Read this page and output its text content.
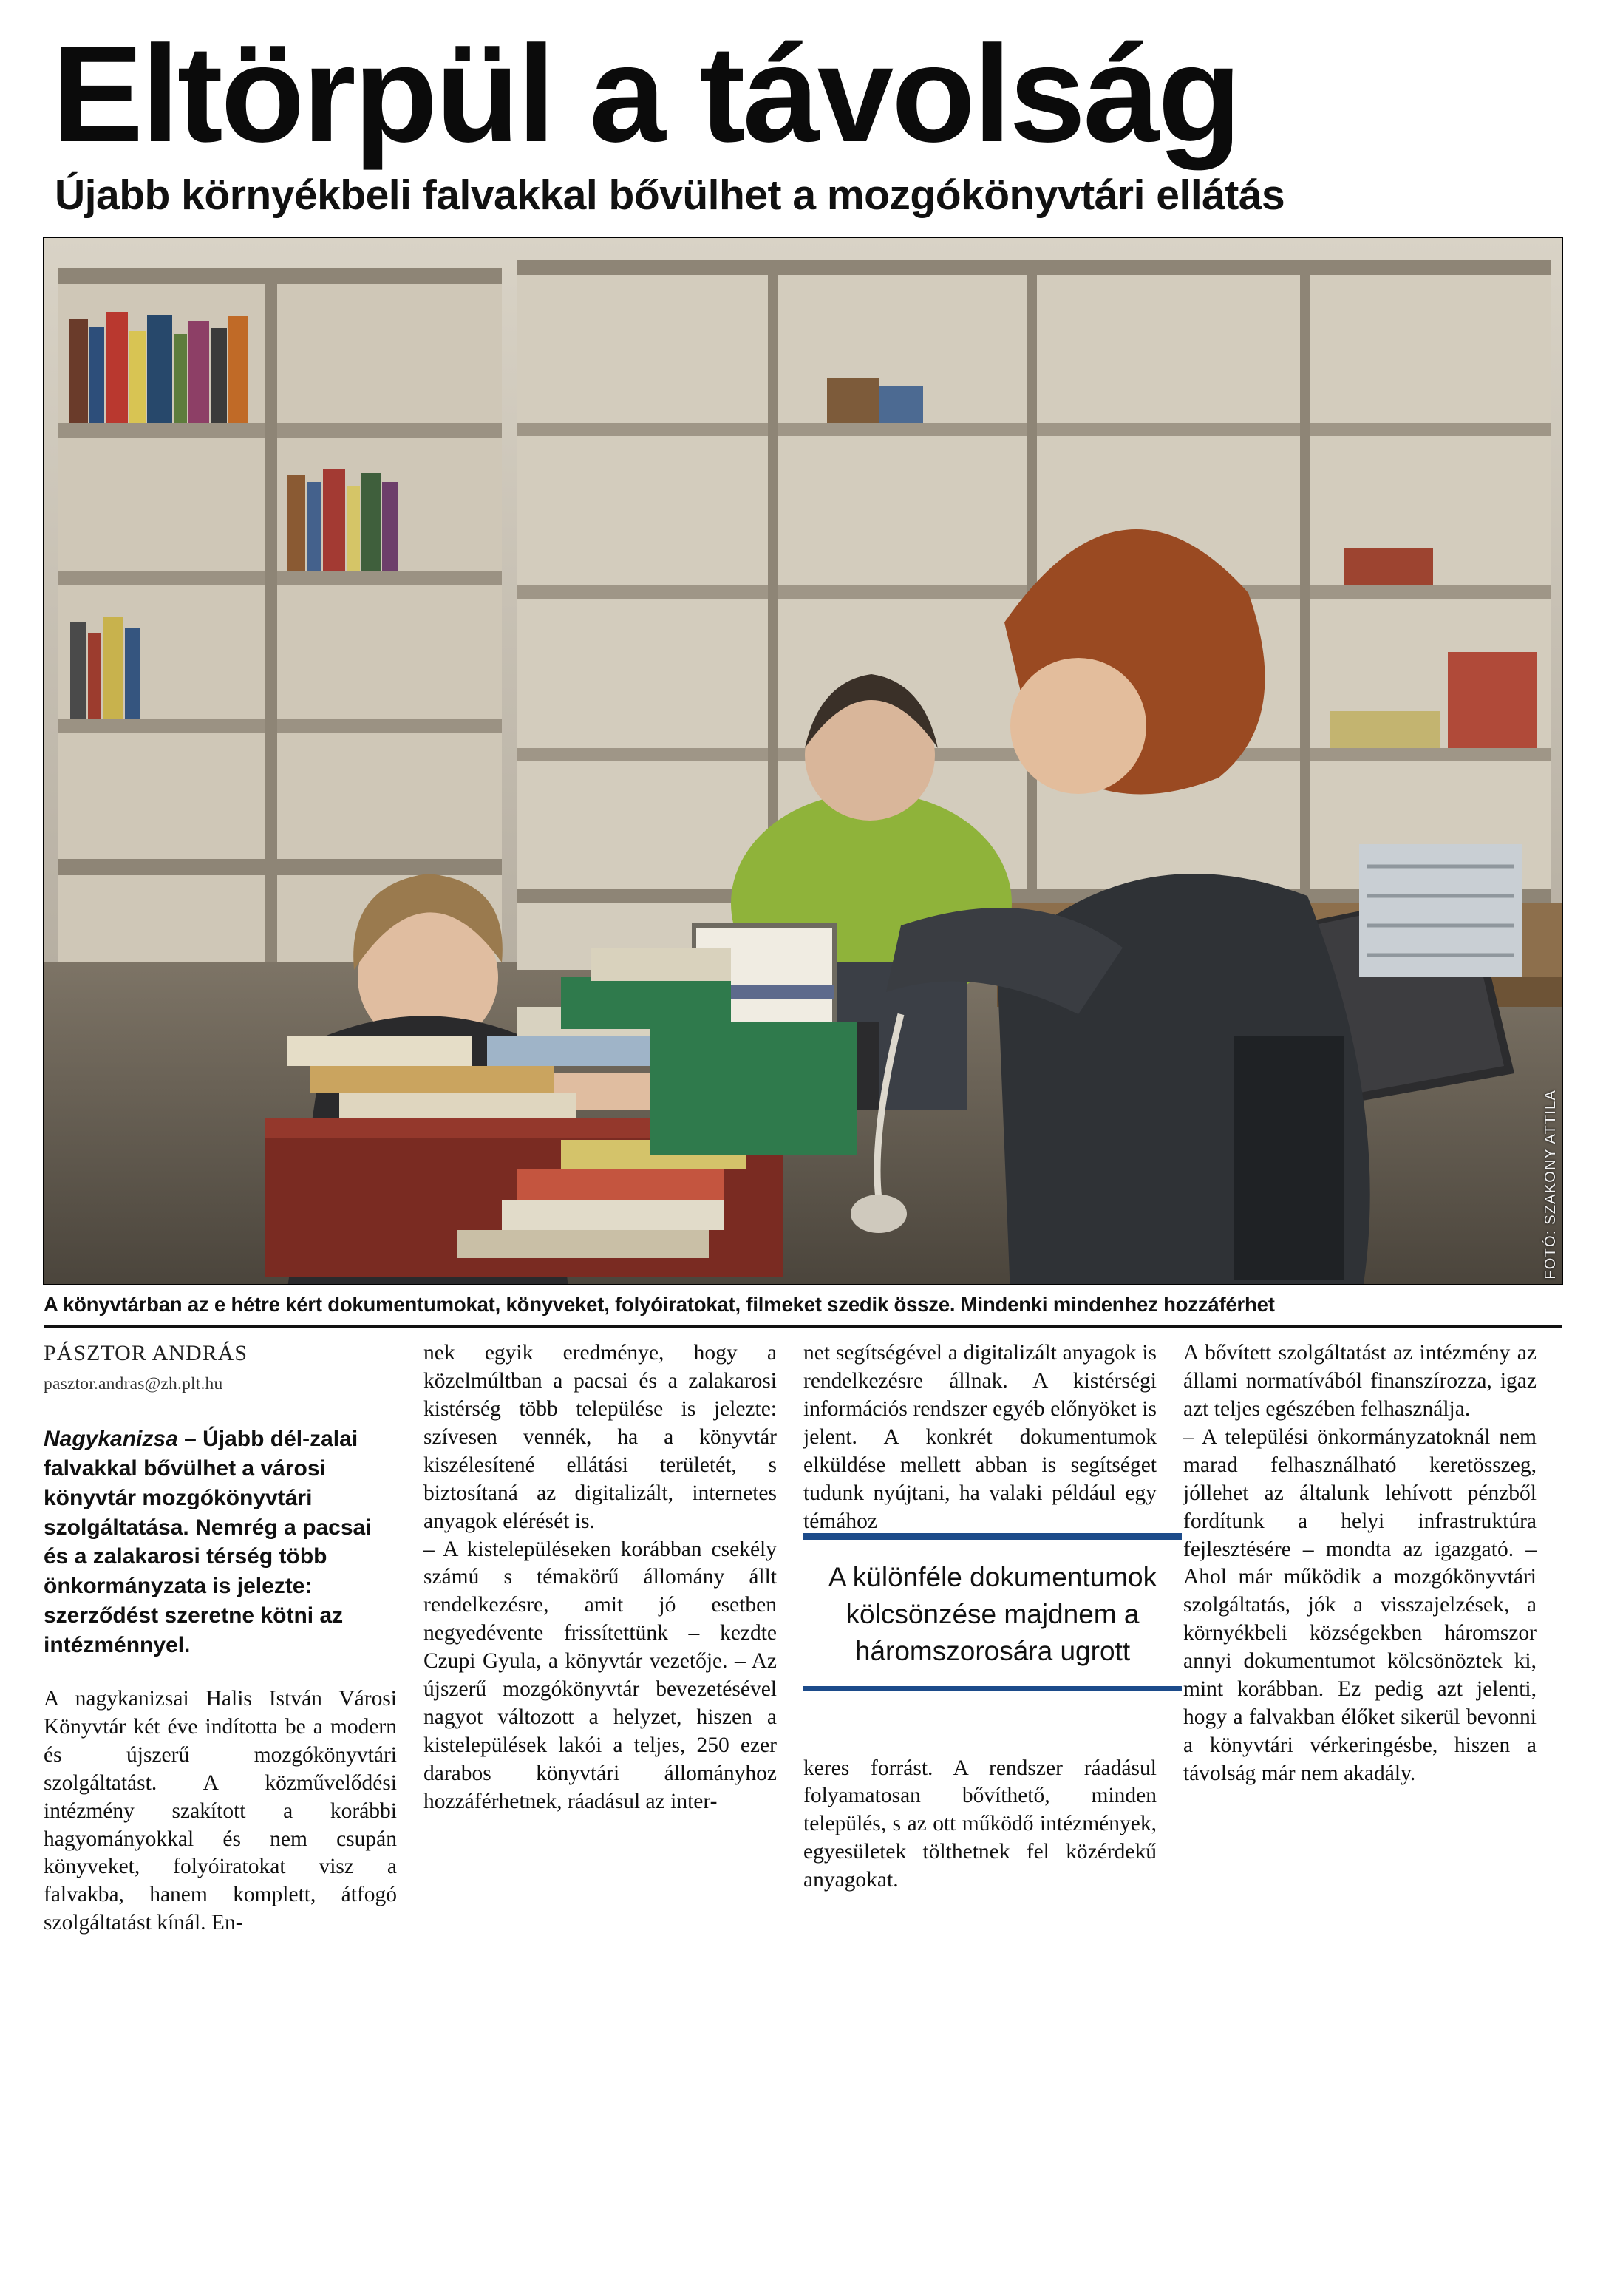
Eltörpül a távolság
Újabb környékbeli falvakkal bővülhet a mozgókönyvtári ellátás
FOTÓ: SZAKONY ATTILA
A könyvtárban az e hétre kért dokumentumokat, könyveket, folyóiratokat, filmeket szedik össze. Mindenki mindenhez hozzáférhet
PÁSZTOR ANDRÁS
pasztor.andras@zh.plt.hu
Nagykanizsa – Újabb dél-zalai falvakkal bővülhet a városi könyvtár mozgókönyvtári szolgáltatása. Nemrég a pacsai és a zalakarosi térség több önkormányzata is jelezte: szerződést szeretne kötni az intézménnyel.

A nagykanizsai Halis István Városi Könyvtár két éve indította be a modern és újszerű mozgókönyvtári szolgáltatást. A közművelődési intézmény szakított a korábbi hagyományokkal és nem csupán könyveket, folyóiratokat visz a falvakba, hanem komplett, átfogó szolgáltatást kínál. En-

nek egyik eredménye, hogy a közelmúltban a pacsai és a zalakarosi kistérség több települése is jelezte: szívesen vennék, ha a könyvtár kiszélesítené ellátási területét, s biztosítaná az digitalizált, internetes anyagok elérését is.

– A kistelepüléseken korábban csekély számú s témakörű állomány állt rendelkezésre, amit jó esetben negyedévente frissítettünk – kezdte Czupi Gyula, a könyvtár vezetője. – Az újszerű mozgókönyvtár bevezetésével nagyot változott a helyzet, hiszen a kistelepülések lakói a teljes, 250 ezer darabos könyvtári állományhoz hozzáférhetnek, ráadásul az inter-

net segítségével a digitalizált anyagok is rendelkezésre állnak. A kistérségi információs rendszer egyéb előnyöket is jelent. A konkrét dokumentumok elküldése mellett abban is segítséget tudunk nyújtani, ha valaki például egy témához

keres forrást. A rendszer ráadásul folyamatosan bővíthető, minden település, s az ott működő intézmények, egyesületek tölthetnek fel közérdekű anyagokat.

A bővített szolgáltatást az intézmény az állami normatívából finanszírozza, igaz azt teljes egészében felhasználja.

– A települési önkormányzatoknál nem marad felhasználható keretösszeg, jóllehet az általunk lehívott pénzből fordítunk a helyi infrastruktúra fejlesztésére – mondta az igazgató. – Ahol már működik a mozgókönyvtári szolgáltatás, jók a visszajelzések, a környékbeli községekben háromszor annyi dokumentumot kölcsönöztek ki, mint korábban. Ez pedig azt jelenti, hogy a falvakban élőket sikerül bevonni a könyvtári vérkeringésbe, hiszen a távolság már nem akadály.

A különféle dokumentumok kölcsönzése majdnem a háromszorosára ugrott
